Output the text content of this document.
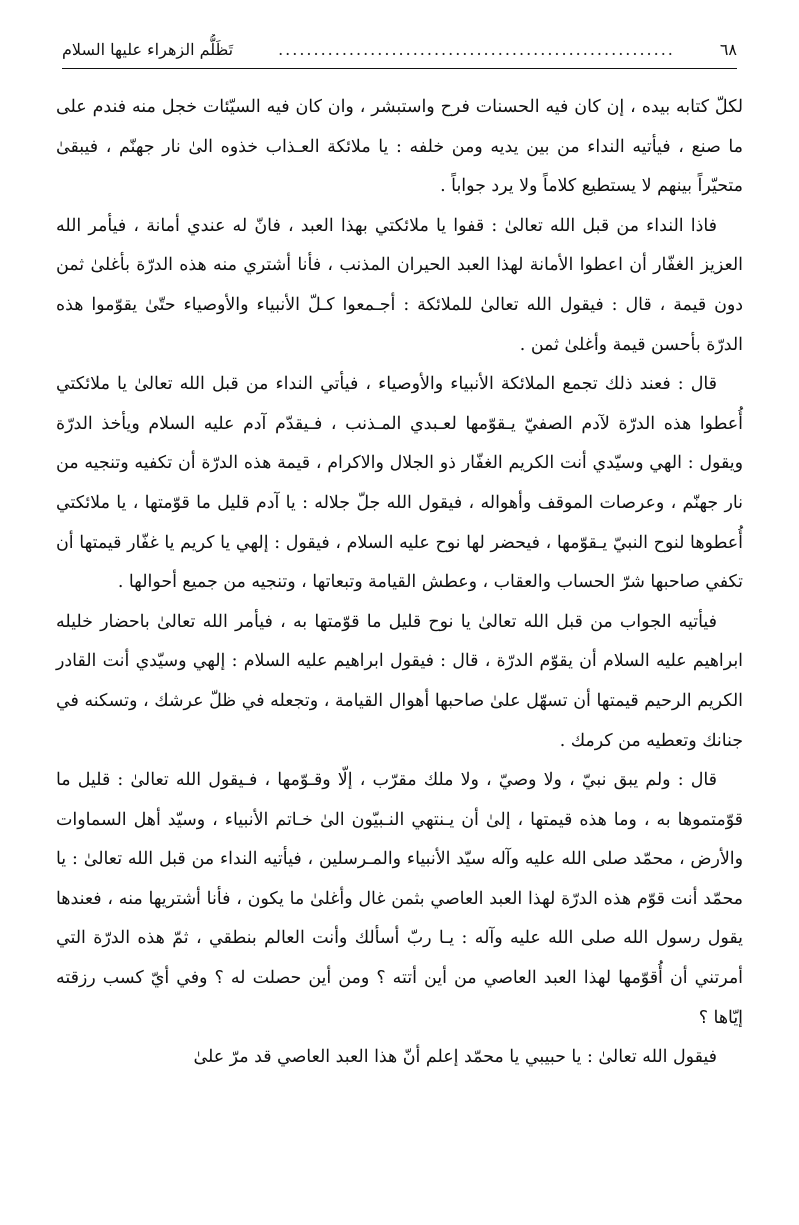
٦٨
........................................................
تَظَلُّم الزهراء عليها السلام

لكلّ كتابه بيده ، إن كان فيه الحسنات فرح واستبشر ، وان كان فيه السيّئات خجل منه فندم على ما صنع ، فيأتيه النداء من بين يديه ومن خلفه : يا ملائكة العـذاب خذوه الىٰ نار جهنّم ، فيبقىٰ متحيّراً بينهم لا يستطيع كلاماً ولا يرد جواباً .

فاذا النداء من قبل الله تعالىٰ : قفوا يا ملائكتي بهذا العبد ، فانّ له عندي أمانة ، فيأمر الله العزيز الغفّار أن اعطوا الأمانة لهذا العبد الحيران المذنب ، فأنا أشتري منه هذه الدرّة بأغلىٰ ثمن دون قيمة ، قال : فيقول الله تعالىٰ للملائكة : أجـمعوا كـلّ الأنبياء والأوصياء حتّىٰ يقوّموا هذه الدرّة بأحسن قيمة وأغلىٰ ثمن .

قال : فعند ذلك تجمع الملائكة الأنبياء والأوصياء ، فيأتي النداء من قبل الله تعالىٰ يا ملائكتي أُعطوا هذه الدرّة لآدم الصفيّ يـقوّمها لعـبدي المـذنب ، فـيقدّم آدم عليه السلام ويأخذ الدرّة ويقول : الهي وسيّدي أنت الكريم الغفّار ذو الجلال والاكرام ، قيمة هذه الدرّة أن تكفيه وتنجيه من نار جهنّم ، وعرصات الموقف وأهواله ، فيقول الله جلّ جلاله : يا آدم قليل ما قوّمتها ، يا ملائكتي أُعطوها لنوح النبيّ يـقوّمها ، فيحضر لها نوح عليه السلام ، فيقول : إلهي يا كريم يا غفّار قيمتها أن تكفي صاحبها شرّ الحساب والعقاب ، وعطش القيامة وتبعاتها ، وتنجيه من جميع أحوالها .

فيأتيه الجواب من قبل الله تعالىٰ يا نوح قليل ما قوّمتها به ، فيأمر الله تعالىٰ باحضار خليله ابراهيم عليه السلام أن يقوّم الدرّة ، قال : فيقول ابراهيم عليه السلام : إلهي وسيّدي أنت القادر الكريم الرحيم قيمتها أن تسهّل علىٰ صاحبها أهوال القيامة ، وتجعله في ظلّ عرشك ، وتسكنه في جنانك وتعطيه من كرمك .

قال : ولم يبق نبيّ ، ولا وصيّ ، ولا ملك مقرّب ، إلّا وقـوّمها ، فـيقول الله تعالىٰ : قليل ما قوّمتموها به ، وما هذه قيمتها ، إلىٰ أن يـنتهي النـبيّون الىٰ خـاتم الأنبياء ، وسيّد أهل السماوات والأرض ، محمّد صلى الله عليه وآله سيّد الأنبياء والمـرسلين ، فيأتيه النداء من قبل الله تعالىٰ : يا محمّد أنت قوّم هذه الدرّة لهذا العبد العاصي بثمن غال وأغلىٰ ما يكون ، فأنا أشتريها منه ، فعندها يقول رسول الله صلى الله عليه وآله : يـا ربّ أسألك وأنت العالم بنطقي ، ثمّ هذه الدرّة التي أمرتني أن أُقوّمها لهذا العبد العاصي من أين أتته ؟ ومن أين حصلت له ؟ وفي أيّ كسب رزقته إيّاها ؟

فيقول الله تعالىٰ : يا حبيبي يا محمّد إعلم أنّ هذا العبد العاصي قد مرّ علىٰ
